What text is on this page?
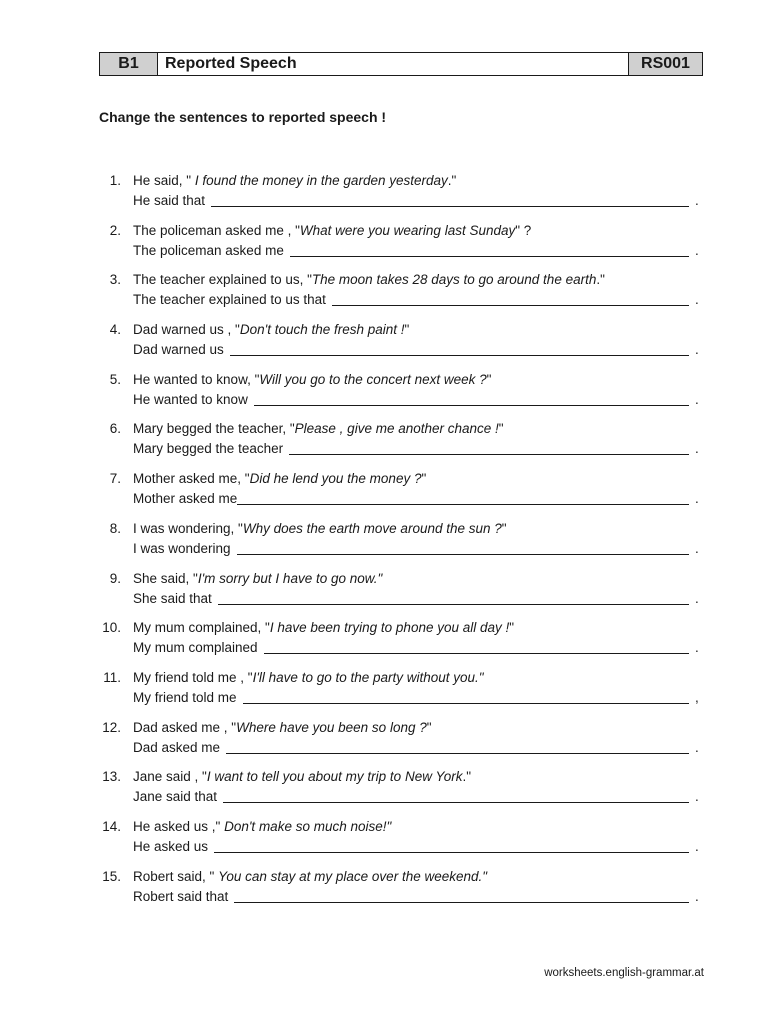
B1	Reported Speech	RS001

Change the sentences to reported speech !

1. He said, " I found the money in the garden yesterday."
He said that	.
2. The policeman asked me , "What were you wearing last Sunday" ?
The policeman asked me	.
3. The teacher explained to us, "The moon takes 28 days to go around the earth."
The teacher explained to us that	.
4. Dad warned us , "Don't touch the fresh paint !"
Dad warned us	.
5. He wanted to know, "Will you go to the concert next week ?"
He wanted to know	.
6. Mary begged the teacher, "Please , give me another chance !"
Mary begged the teacher	.
7. Mother asked me, "Did he lend you the money ?"
Mother asked me	.
8. I was wondering, "Why does the earth move around the sun ?"
I was wondering	.
9. She said, "I'm sorry but I have to go now."
She said that	.
10. My mum complained, "I have been trying to phone you all day !"
My mum complained	.
11. My friend told me , "I'll have to go to the party without you."
My friend told me	,
12. Dad asked me , "Where have you been so long ?"
Dad asked me	.
13. Jane said , "I want to tell you about my trip to New York."
Jane said that	.
14. He asked us ," Don't make so much noise!"
He asked us	.
15. Robert said, " You can stay at my place over the weekend."
Robert said that	.
worksheets.english-grammar.at
